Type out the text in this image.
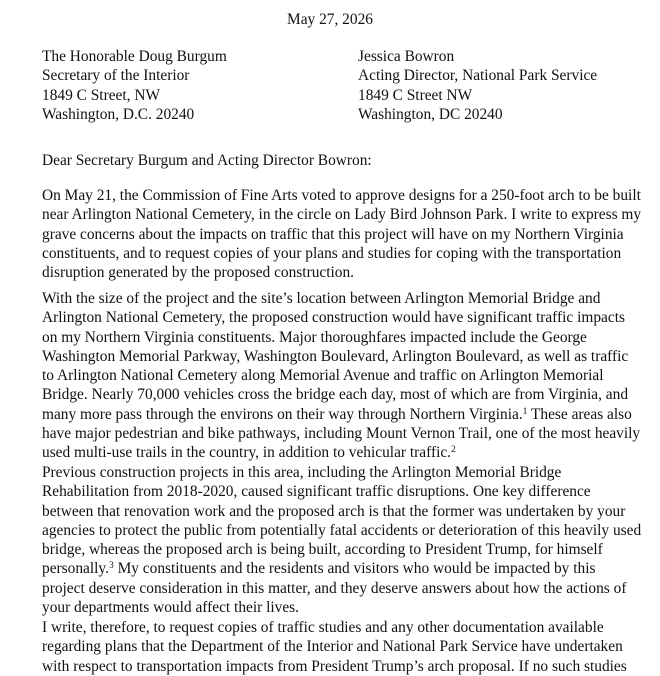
May 27, 2026
The Honorable Doug Burgum
Secretary of the Interior
1849 C Street, NW
Washington, D.C. 20240
Jessica Bowron
Acting Director, National Park Service
1849 C Street NW
Washington, DC 20240
Dear Secretary Burgum and Acting Director Bowron:
On May 21, the Commission of Fine Arts voted to approve designs for a 250-foot arch to be built
near Arlington National Cemetery, in the circle on Lady Bird Johnson Park. I write to express my
grave concerns about the impacts on traffic that this project will have on my Northern Virginia
constituents, and to request copies of your plans and studies for coping with the transportation
disruption generated by the proposed construction.
With the size of the project and the site’s location between Arlington Memorial Bridge and
Arlington National Cemetery, the proposed construction would have significant traffic impacts
on my Northern Virginia constituents. Major thoroughfares impacted include the George
Washington Memorial Parkway, Washington Boulevard, Arlington Boulevard, as well as traffic
to Arlington National Cemetery along Memorial Avenue and traffic on Arlington Memorial
Bridge. Nearly 70,000 vehicles cross the bridge each day, most of which are from Virginia, and
many more pass through the environs on their way through Northern Virginia.$^1$ These areas also
have major pedestrian and bike pathways, including Mount Vernon Trail, one of the most heavily
used multi-use trails in the country, in addition to vehicular traffic.$^2$
Previous construction projects in this area, including the Arlington Memorial Bridge
Rehabilitation from 2018-2020, caused significant traffic disruptions. One key difference
between that renovation work and the proposed arch is that the former was undertaken by your
agencies to protect the public from potentially fatal accidents or deterioration of this heavily used
bridge, whereas the proposed arch is being built, according to President Trump, for himself
personally.$^3$ My constituents and the residents and visitors who would be impacted by this
project deserve consideration in this matter, and they deserve answers about how the actions of
your departments would affect their lives.
I write, therefore, to request copies of traffic studies and any other documentation available
regarding plans that the Department of the Interior and National Park Service have undertaken
with respect to transportation impacts from President Trump’s arch proposal. If no such studies
